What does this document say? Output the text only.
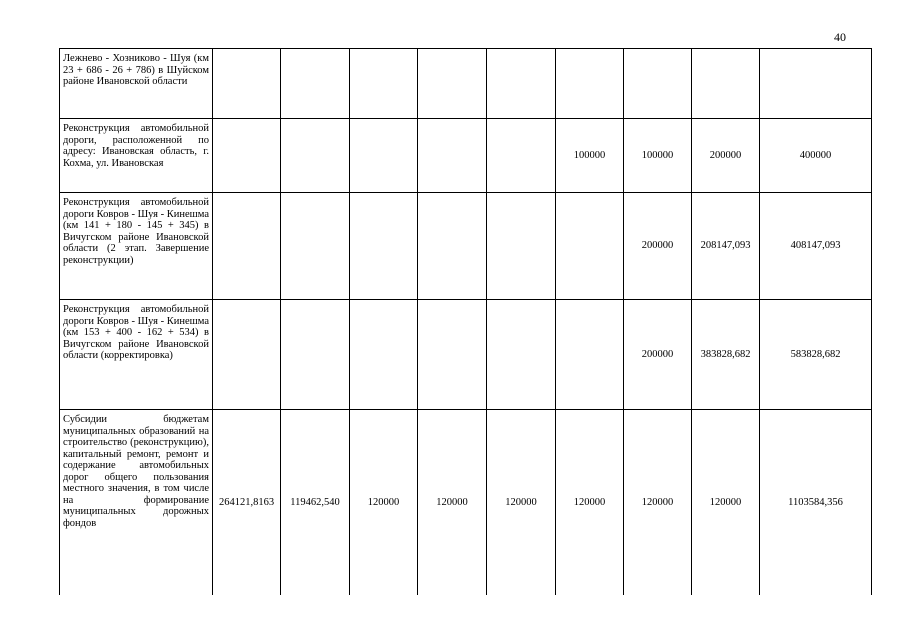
40
Лежнево - Хозниково - Шуя (км 23 + 686 - 26 + 786) в Шуйском районе Ивановской области									
Реконструкция автомобильной дороги, расположенной по адресу: Ивановская область, г. Кохма, ул. Ивановская						100000	100000	200000	400000
Реконструкция автомобильной дороги Ковров - Шуя - Кинешма (км 141 + 180 - 145 + 345) в Вичугском районе Ивановской области (2 этап. Завершение реконструкции)							200000	208147,093	408147,093
Реконструкция автомобильной дороги Ковров - Шуя - Кинешма (км 153 + 400 - 162 + 534) в Вичугском районе Ивановской области (корректировка)							200000	383828,682	583828,682
Субсидии бюджетам муниципальных образований на строительство (реконструкцию), капитальный ремонт, ремонт и содержание автомобильных дорог общего пользования местного значения, в том числе на формирование муниципальных дорожных фондов	264121,8163	119462,540	120000	120000	120000	120000	120000	120000	1103584,356
